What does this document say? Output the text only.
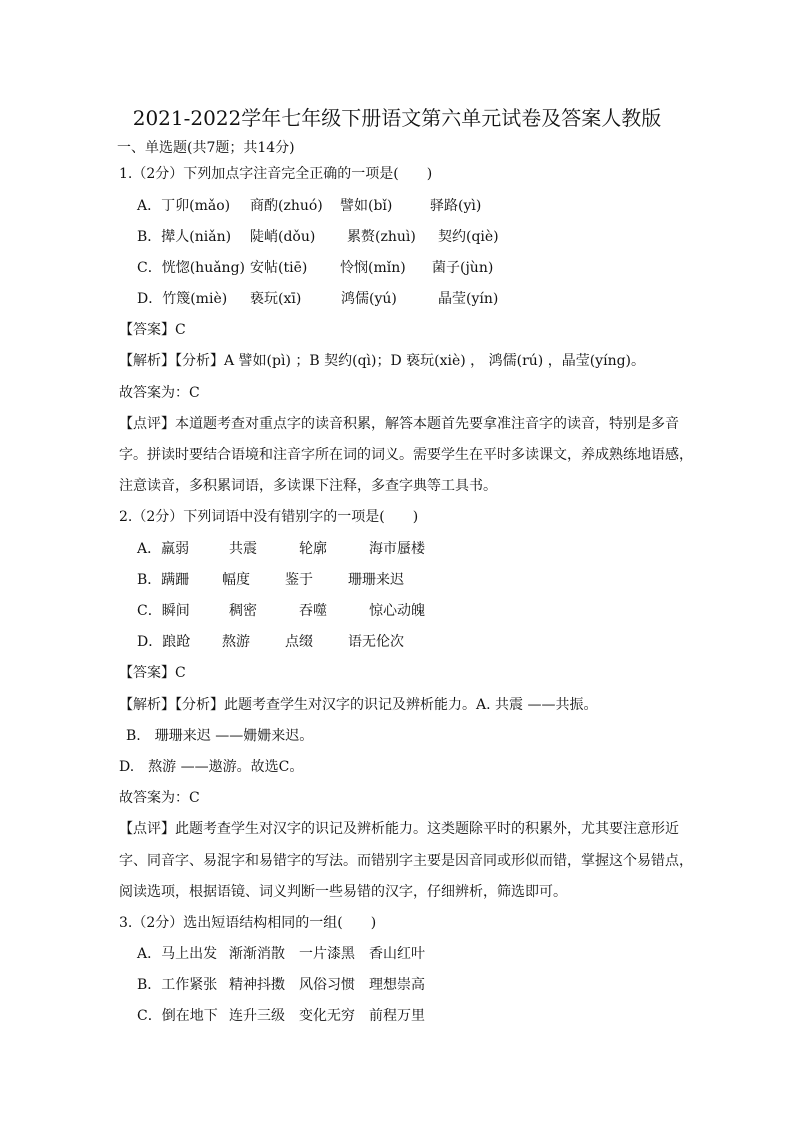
2021-2022学年七年级下册语文第六单元试卷及答案人教版
一、单选题(共7题；共14分)
1.（2分）下列加点字注音完全正确的一项是(　　)
A．丁卯(mǎo) 商酌(zhuó) 譬如(bǐ)	驿路(yì)
B．撵人(niǎn) 陡峭(dǒu) 累赘(zhuì) 契约(qiè)
C．恍惚(huǎng) 安帖(tiē) 怜悯(mǐn) 菌子(jùn)
D．竹篾(miè) 亵玩(xī)	鸿儒(yú)	晶莹(yín)
【答案】C
【解析】【分析】A 譬如(pì) ；B 契约(qì)；D 亵玩(xiè) ， 鸿儒(rú) ，晶莹(yíng)。
故答案为：C
【点评】本道题考查对重点字的读音积累，解答本题首先要拿准注音字的读音，特别是多音
字。拼读时要结合语境和注音字所在词的词义。需要学生在平时多读课文，养成熟练地语感，
注意读音，多积累词语，多读课下注释，多查字典等工具书。
2.（2分）下列词语中没有错别字的一项是(　　)
A．羸弱	共震	轮廓	海市蜃楼
B．蹒跚 幅度	鉴于	珊珊来迟
C．瞬间	稠密	吞噬	惊心动魄
D．踉跄 熬游	点缀	语无伦次
【答案】C
【解析】【分析】此题考查学生对汉字的识记及辨析能力。A. 共震 ——共振。
B.　珊珊来迟 ——姗姗来迟。
D.　熬游 ——遨游。故选C。
故答案为：C
【点评】此题考查学生对汉字的识记及辨析能力。这类题除平时的积累外，尤其要注意形近
字、同音字、易混字和易错字的写法。而错别字主要是因音同或形似而错，掌握这个易错点，
阅读选项，根据语镜、词义判断一些易错的汉字，仔细辨析，筛选即可。
3.（2分）选出短语结构相同的一组(　　)
A．马上出发 渐渐消散 一片漆黑 香山红叶
B．工作紧张 精神抖擞 风俗习惯 理想崇高
C．倒在地下 连升三级 变化无穷 前程万里
